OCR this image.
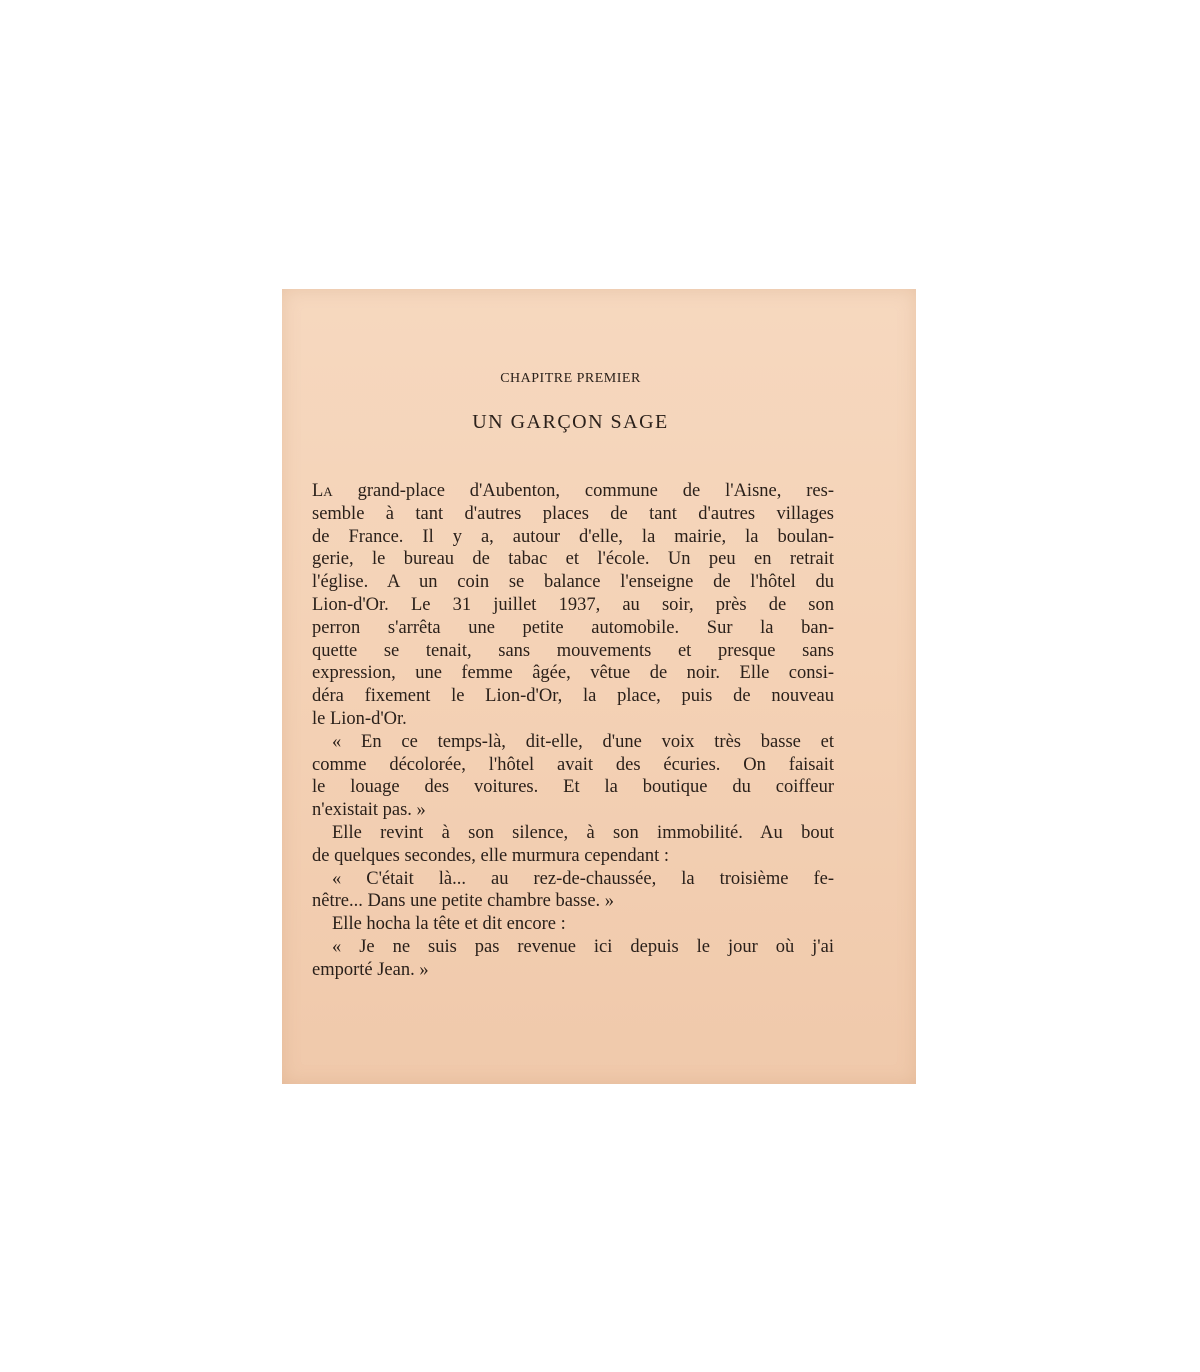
CHAPITRE PREMIER
UN GARÇON SAGE
La grand-place d'Aubenton, commune de l'Aisne, res-
semble à tant d'autres places de tant d'autres villages
de France. Il y a, autour d'elle, la mairie, la boulan-
gerie, le bureau de tabac et l'école. Un peu en retrait
l'église. A un coin se balance l'enseigne de l'hôtel du
Lion-d'Or. Le 31 juillet 1937, au soir, près de son
perron s'arrêta une petite automobile. Sur la ban-
quette se tenait, sans mouvements et presque sans
expression, une femme âgée, vêtue de noir. Elle consi-
déra fixement le Lion-d'Or, la place, puis de nouveau
le Lion-d'Or.
« En ce temps-là, dit-elle, d'une voix très basse et
comme décolorée, l'hôtel avait des écuries. On faisait
le louage des voitures. Et la boutique du coiffeur
n'existait pas. »
Elle revint à son silence, à son immobilité. Au bout
de quelques secondes, elle murmura cependant :
« C'était là... au rez-de-chaussée, la troisième fe-
nêtre... Dans une petite chambre basse. »
Elle hocha la tête et dit encore :
« Je ne suis pas revenue ici depuis le jour où j'ai
emporté Jean. »
